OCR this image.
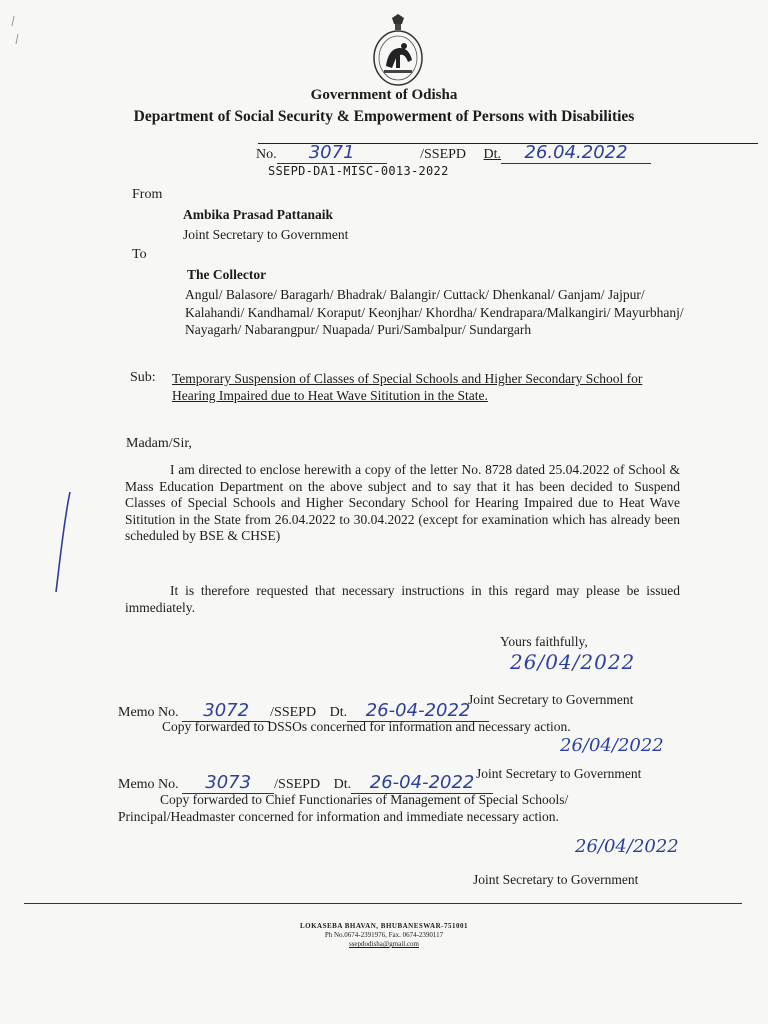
Government of Odisha
Department of Social Security & Empowerment of Persons with Disabilities
No. 3071	/SSEPD Dt. 26.04.2022
SSEPD-DA1-MISC-0013-2022
From
Ambika Prasad Pattanaik
Joint Secretary to Government
To
The Collector
Angul/ Balasore/ Baragarh/ Bhadrak/ Balangir/ Cuttack/ Dhenkanal/ Ganjam/ Jajpur/ Kalahandi/ Kandhamal/ Koraput/ Keonjhar/ Khordha/ Kendrapara/Malkangiri/ Mayurbhanj/ Nayagarh/ Nabarangpur/ Nuapada/ Puri/Sambalpur/ Sundargarh
Sub: Temporary Suspension of Classes of Special Schools and Higher Secondary School for Hearing Impaired due to Heat Wave Sititution in the State.
Madam/Sir,
I am directed to enclose herewith a copy of the letter No. 8728 dated 25.04.2022 of School & Mass Education Department on the above subject and to say that it has been decided to Suspend Classes of Special Schools and Higher Secondary School for Hearing Impaired due to Heat Wave Sititution in the State from 26.04.2022 to 30.04.2022 (except for examination which has already been scheduled by BSE & CHSE)
It is therefore requested that necessary instructions in this regard may please be issued immediately.
Yours faithfully,
26/04/2022
Joint Secretary to Government
Memo No. 3072 /SSEPD Dt. 26-04-2022
Copy forwarded to DSSOs concerned for information and necessary action.
26/04/2022
Joint Secretary to Government
Memo No. 3073 /SSEPD Dt. 26-04-2022
Copy forwarded to Chief Functionaries of Management of Special Schools/ Principal/Headmaster concerned for information and immediate necessary action.
26/04/2022
Joint Secretary to Government
LOKASEBA BHAVAN, BHUBANESWAR-751001
Ph No.0674-2391976, Fax. 0674-2390117
ssepdodisha@gmail.com
